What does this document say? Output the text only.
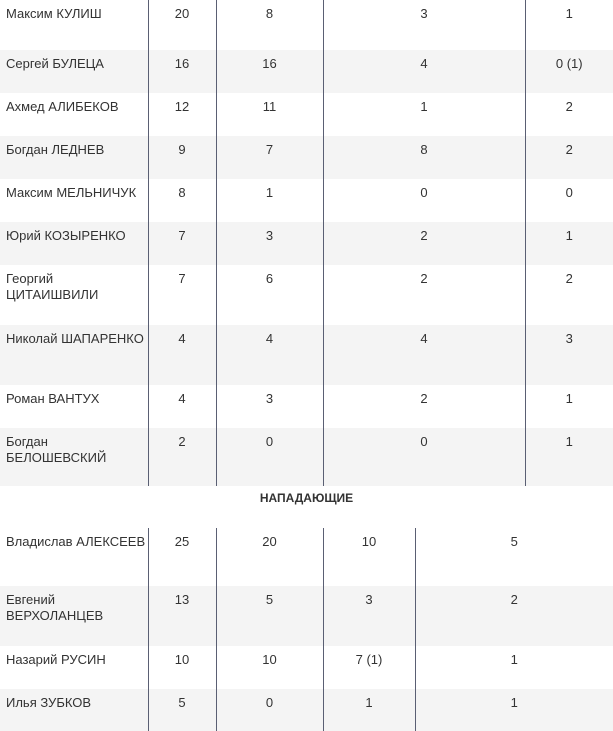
Максим КУЛИШ	20	8	3	1
Сергей БУЛЕЦА	16	16	4	0 (1)
Ахмед АЛИБЕКОВ	12	11	1	2
Богдан ЛЕДНЕВ	9	7	8	2
Максим МЕЛЬНИЧУК	8	1	0	0
Юрий КОЗЫРЕНКО	7	3	2	1
Георгий ЦИТАИШВИЛИ	7	6	2	2
Николай ШАПАРЕНКО	4	4	4	3
Роман ВАНТУХ	4	3	2	1
Богдан БЕЛОШЕВСКИЙ	2	0	0	1
НАПАДАЮЩИЕ				

Владислав АЛЕКСЕЕВ	25	20	10	5
Евгений ВЕРХОЛАНЦЕВ	13	5	3	2
Назарий РУСИН	10	10	7 (1)	1
Илья ЗУБКОВ	5	0	1	1
